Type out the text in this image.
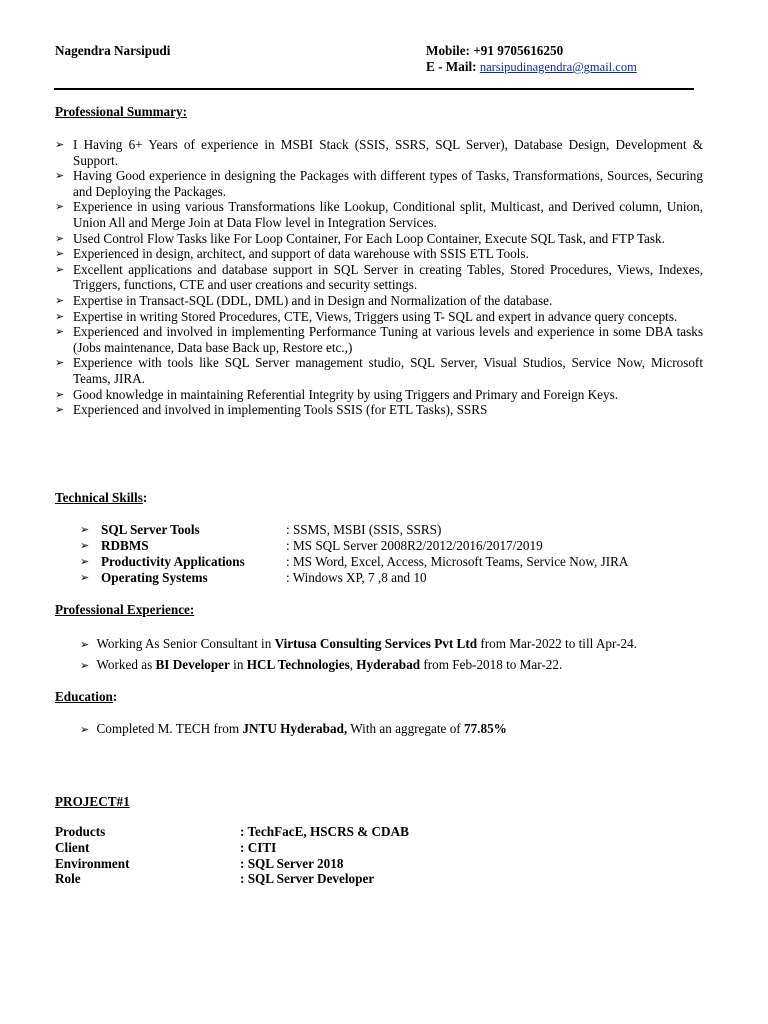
Nagendra Narsipudi	Mobile: +91 9705616250
E - Mail: narsipudinagendra@gmail.com
Professional Summary:
➢ I Having 6+ Years of experience in MSBI Stack (SSIS, SSRS, SQL Server), Database Design, Development & Support.
➢ Having Good experience in designing the Packages with different types of Tasks, Transformations, Sources, Securing and Deploying the Packages.
➢ Experience in using various Transformations like Lookup, Conditional split, Multicast, and Derived column, Union, Union All and Merge Join at Data Flow level in Integration Services.
➢ Used Control Flow Tasks like For Loop Container, For Each Loop Container, Execute SQL Task, and FTP Task.
➢ Experienced in design, architect, and support of data warehouse with SSIS ETL Tools.
➢ Excellent applications and database support in SQL Server in creating Tables, Stored Procedures, Views, Indexes, Triggers, functions, CTE and user creations and security settings.
➢ Expertise in Transact-SQL (DDL, DML) and in Design and Normalization of the database.
➢ Expertise in writing Stored Procedures, CTE, Views, Triggers using T- SQL and expert in advance query concepts.
➢ Experienced and involved in implementing Performance Tuning at various levels and experience in some DBA tasks (Jobs maintenance, Data base Back up, Restore etc.,)
➢ Experience with tools like SQL Server management studio, SQL Server, Visual Studios, Service Now, Microsoft Teams, JIRA.
➢ Good knowledge in maintaining Referential Integrity by using Triggers and Primary and Foreign Keys.
➢ Experienced and involved in implementing Tools SSIS (for ETL Tasks), SSRS
Technical Skills:
➢ SQL Server Tools	: SSMS, MSBI (SSIS, SSRS)
➢ RDBMS	: MS SQL Server 2008R2/2012/2016/2017/2019
➢ Productivity Applications	: MS Word, Excel, Access, Microsoft Teams, Service Now, JIRA
➢ Operating Systems	: Windows XP, 7 ,8 and 10
Professional Experience:
➢ Working As Senior Consultant in Virtusa Consulting Services Pvt Ltd from Mar-2022 to till Apr-24.
➢ Worked as BI Developer in HCL Technologies, Hyderabad from Feb-2018 to Mar-22.
Education:
➢ Completed M. TECH from JNTU Hyderabad, With an aggregate of 77.85%
PROJECT#1
Products	: TechFacE, HSCRS & CDAB
Client	: CITI
Environment	: SQL Server 2018
Role	: SQL Server Developer
